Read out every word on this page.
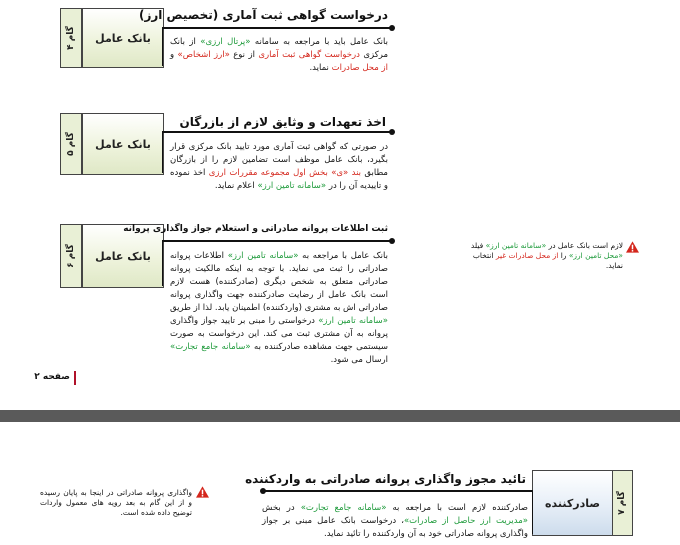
گام ۴ بانک عامل
درخواست گواهی ثبت آماری (تخصیص ارز)
بانک عامل باید با مراجعه به سامانه «پرتال ارزی» از بانک مرکزی درخواست گواهی ثبت آماری از نوع «ارز اشخاص» و از محل صادرات نماید.
گام ۵ بانک عامل
اخذ تعهدات و وثایق لازم از بازرگان
در صورتی که گواهی ثبت آماری مورد تایید بانک مرکزی قرار بگیرد، بانک عامل موظف است تضامین لازم را از بازرگان مطابق بند «ی» بخش اول مجموعه مقررات ارزی اخذ نموده و تاییدیه آن را در «سامانه تامین ارز» اعلام نماید.
گام ۶ بانک عامل
ثبت اطلاعات پروانه صادراتی و استعلام جواز واگذاری پروانه
بانک عامل با مراجعه به «سامانه تامین ارز» اطلاعات پروانه صادراتی را ثبت می نماید. با توجه به اینکه مالکیت پروانه صادراتی متعلق به شخص دیگری (صادرکننده) هست لازم است بانک عامل از رضایت صادرکننده جهت واگذاری پروانه صادراتی اش به مشتری (واردکننده) اطمینان یابد. لذا از طریق «سامانه تامین ارز» درخواستی را مبنی بر تایید جواز واگذاری پروانه به آن مشتری ثبت می کند. این درخواست به صورت سیستمی جهت مشاهده صادرکننده به «سامانه جامع تجارت» ارسال می شود.
لازم است بانک عامل در «سامانه تامین ارز» فیلد «محل تامین ارز» را از محل صادرات غیر انتخاب نماید.
صفحه ۲
گام ۷
صادرکننده
تائید مجوز واگذاری پروانه صادراتی به واردکننده
صادرکننده لازم است با مراجعه به «سامانه جامع تجارت» در بخش «مدیریت ارز حاصل از صادرات»، درخواست بانک عامل مبنی بر جواز واگذاری پروانه صادراتی خود به آن واردکننده را تائید نماید.
واگذاری پروانه صادراتی در اینجا به پایان رسیده و از این گام به بعد رویه های معمول واردات توضیح داده شده است.
